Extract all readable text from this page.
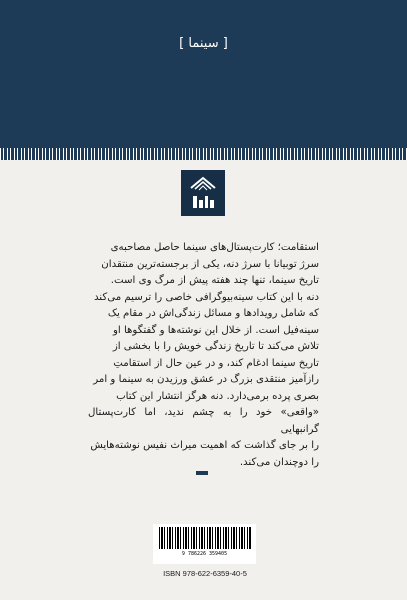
[ سینما ]

استقامت؛ کارت‌پستال‌های سینما حاصل مصاحبه‌ی

سرژ توبیانا با سرژ دنه، یکی از برجسته‌ترین منتقدان

تاریخ سینما، تنها چند هفته پیش از مرگ وی است.

دنه با این کتاب سینه‌بیوگرافی خاصی را ترسیم می‌کند

که شامل رویدادها و مسائل زندگی‌اش در مقام یک

سینه‌فیل است. از خلال این نوشته‌ها و گفتگوها او

تلاش می‌کند تا تاریخ زندگی خویش را با بخشی از

تاریخ سینما ادغام کند، و در عین حال از استقامتِ

رازآمیز منتقدی بزرگ در عشق ورزیدن به سینما و امر

بصری پرده برمی‌دارد. دنه هرگز انتشار این کتاب

«واقعی» خود را به چشم ندید، اما کارت‌پستال گرانبهایی

را بر جای گذاشت که اهمیت میراث نفیس نوشته‌هایش

را دوچندان می‌کند.

9 786226 359405
ISBN 978-622-6359-40-5
